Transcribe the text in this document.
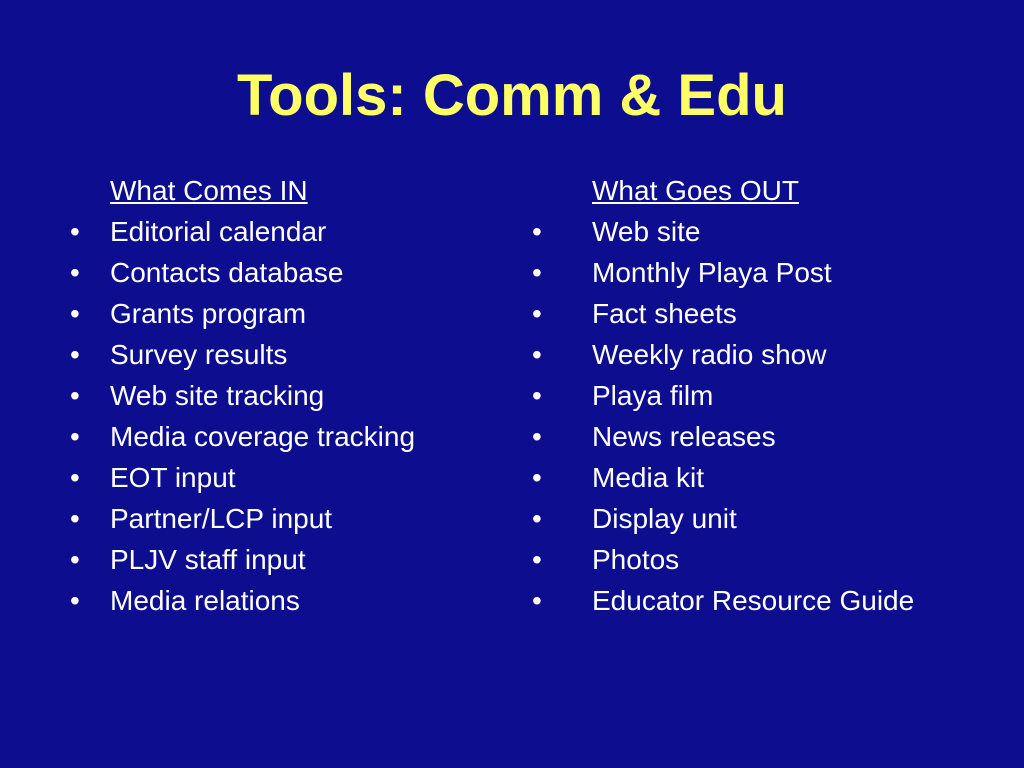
Tools: Comm & Edu
What Comes IN
• Editorial calendar
• Contacts database
• Grants program
• Survey results
• Web site tracking
• Media coverage tracking
• EOT input
• Partner/LCP input
• PLJV staff input
• Media relations
What Goes OUT
• Web site
• Monthly Playa Post
• Fact sheets
• Weekly radio show
• Playa film
• News releases
• Media kit
• Display unit
• Photos
• Educator Resource Guide
